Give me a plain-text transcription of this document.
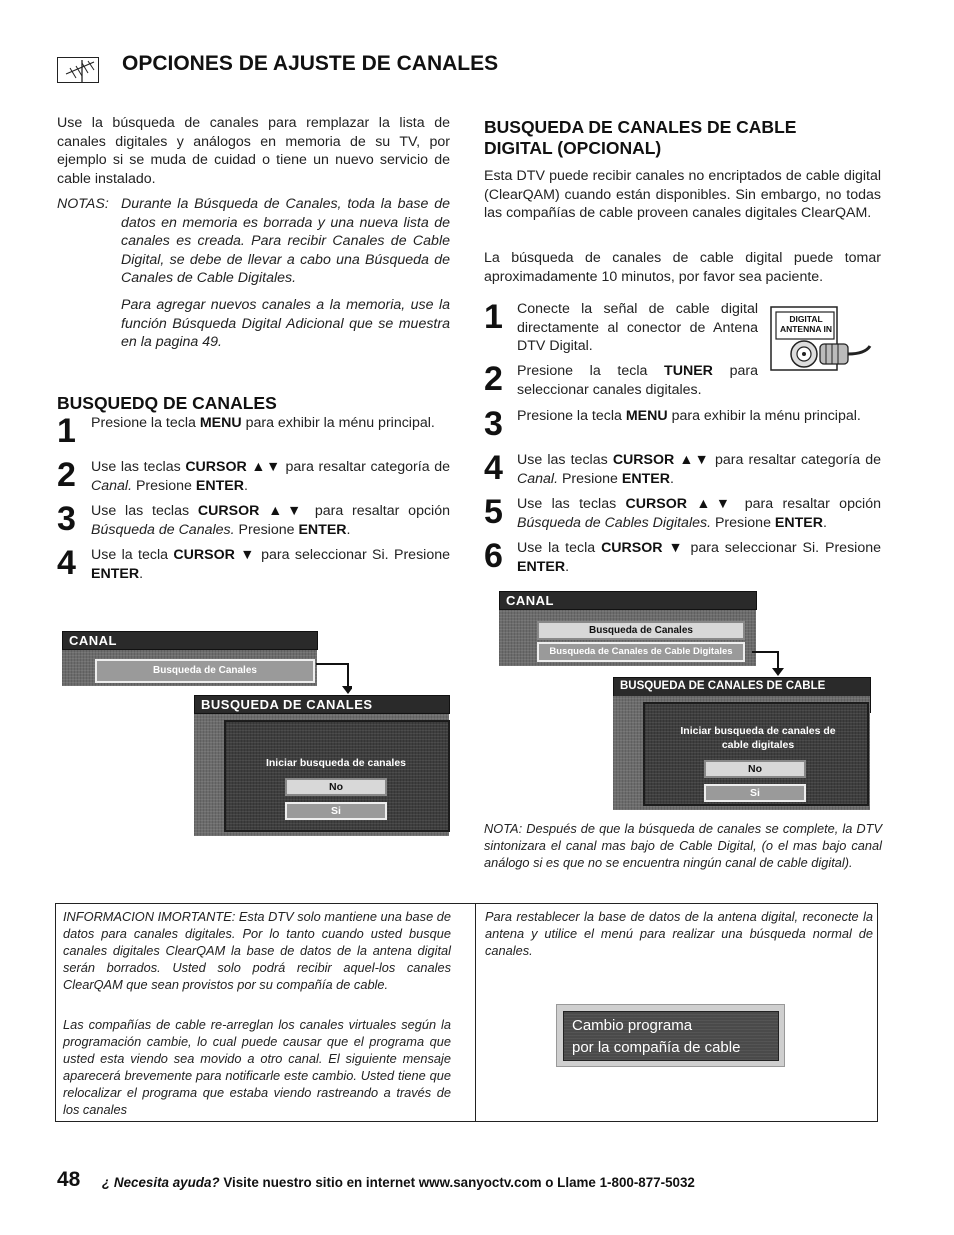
OPCIONES DE AJUSTE DE CANALES

Use la búsqueda de canales para remplazar la lista de canales digitales y análogos en memoria de su TV, por ejemplo si se muda de cuidad o tiene un nuevo servicio de cable instalado.

NOTAS: Durante la Búsqueda de Canales, toda la base de datos en memoria es borrada y una nueva lista de canales es creada. Para recibir Canales de Cable Digital, se debe de llevar a cabo una Búsqueda de Canales de Cable Digitales.

Para agregar nuevos canales a la memoria, use la función Búsqueda Digital Adicional que se muestra en la pagina 49.

BUSQUEDQ DE CANALES
1 Presione la tecla MENU para exhibir la ménu principal.
2 Use las teclas CURSOR ▲▼ para resaltar categoría de Canal. Presione ENTER.
3 Use las teclas CURSOR ▲▼ para resaltar opción Búsqueda de Canales. Presione ENTER.
4 Use la tecla CURSOR ▼ para seleccionar Si. Presione ENTER.
CANAL
Busqueda de Canales
BUSQUEDA DE CANALES
Iniciar busqueda de canales
No
Si
BUSQUEDA DE CANALES DE CABLE DIGITAL (OPCIONAL)

Esta DTV puede recibir canales no encriptados de cable digital (ClearQAM) cuando están disponibles. Sin embargo, no todas las compañías de cable proveen canales digitales ClearQAM.

La búsqueda de canales de cable digital puede tomar aproximadamente 10 minutos, por favor sea paciente.

DIGITAL
ANTENNA IN
1 Conecte la señal de cable digital directamente al conector de Antena DTV Digital.
2 Presione la tecla TUNER para seleccionar canales digitales.
3 Presione la tecla MENU para exhibir la ménu principal.
4 Use las teclas CURSOR ▲▼ para resaltar categoría de Canal. Presione ENTER.
5 Use las teclas CURSOR ▲▼ para resaltar opción Búsqueda de Cables Digitales. Presione ENTER.
6 Use la tecla CURSOR ▼ para seleccionar Si. Presione ENTER.
CANAL
Busqueda de Canales
Busqueda de Canales de Cable Digitales
BUSQUEDA DE CANALES DE CABLE
Iniciar busqueda de canales de cable digitales
No
Si

NOTA: Después de que la búsqueda de canales se complete, la DTV sintonizara el canal mas bajo de Cable Digital, (o el mas bajo canal análogo si es que no se encuentra ningún canal de cable digital).

INFORMACION IMORTANTE: Esta DTV solo mantiene una base de datos para canales digitales. Por lo tanto cuando usted busque canales digitales ClearQAM la base de datos de la antena digital serán borrados. Usted solo podrá recibir aquel-los canales ClearQAM que sean provistos por su compañía de cable.

Las compañías de cable re-arreglan los canales virtuales según la programación cambie, lo cual puede causar que el programa que usted esta viendo sea movido a otro canal. El siguiente mensaje aparecerá brevemente para notificarle este cambio. Usted tiene que relocalizar el programa que estaba viendo rastreando a través de los canales

Para restablecer la base de datos de la antena digital, reconecte la antena y utilice el menú para realizar una búsqueda normal de canales.

Cambio programa
por la compañía de cable
48 ¿ Necesita ayuda? Visite nuestro sitio en internet www.sanyoctv.com o Llame 1-800-877-5032
